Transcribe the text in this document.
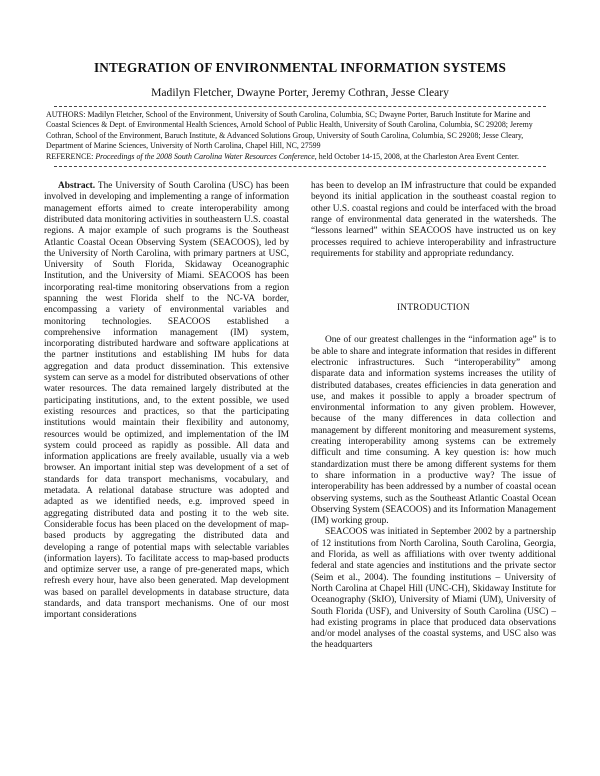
INTEGRATION OF ENVIRONMENTAL INFORMATION SYSTEMS
Madilyn Fletcher, Dwayne Porter, Jeremy Cothran, Jesse Cleary
AUTHORS: Madilyn Fletcher, School of the Environment, University of South Carolina, Columbia, SC; Dwayne Porter, Baruch Institute for Marine and Coastal Sciences & Dept. of Environmental Health Sciences, Arnold School of Public Health, University of South Carolina, Columbia, SC 29208; Jeremy Cothran, School of the Environment, Baruch Institute, & Advanced Solutions Group, University of South Carolina, Columbia, SC 29208; Jesse Cleary, Department of Marine Sciences, University of North Carolina, Chapel Hill, NC, 27599
REFERENCE: Proceedings of the 2008 South Carolina Water Resources Conference, held October 14-15, 2008, at the Charleston Area Event Center.

Abstract. The University of South Carolina (USC) has been involved in developing and implementing a range of information management efforts aimed to create interoperability among distributed data monitoring activities in southeastern U.S. coastal regions. A major example of such programs is the Southeast Atlantic Coastal Ocean Observing System (SEACOOS), led by the University of North Carolina, with primary partners at USC, University of South Florida, Skidaway Oceanographic Institution, and the University of Miami. SEACOOS has been incorporating real-time monitoring observations from a region spanning the west Florida shelf to the NC-VA border, encompassing a variety of environmental variables and monitoring technologies. SEACOOS established a comprehensive information management (IM) system, incorporating distributed hardware and software applications at the partner institutions and establishing IM hubs for data aggregation and data product dissemination. This extensive system can serve as a model for distributed observations of other water resources. The data remained largely distributed at the participating institutions, and, to the extent possible, we used existing resources and practices, so that the participating institutions would maintain their flexibility and autonomy, resources would be optimized, and implementation of the IM system could proceed as rapidly as possible. All data and information applications are freely available, usually via a web browser. An important initial step was development of a set of standards for data transport mechanisms, vocabulary, and metadata. A relational database structure was adopted and adapted as we identified needs, e.g. improved speed in aggregating distributed data and posting it to the web site. Considerable focus has been placed on the development of map-based products by aggregating the distributed data and developing a range of potential maps with selectable variables (information layers). To facilitate access to map-based products and optimize server use, a range of pre-generated maps, which refresh every hour, have also been generated. Map development was based on parallel developments in database structure, data standards, and data transport mechanisms. One of our most important considerations

has been to develop an IM infrastructure that could be expanded beyond its initial application in the southeast coastal region to other U.S. coastal regions and could be interfaced with the broad range of environmental data generated in the watersheds. The “lessons learned” within SEACOOS have instructed us on key processes required to achieve interoperability and infrastructure requirements for stability and appropriate redundancy.

INTRODUCTION

One of our greatest challenges in the “information age” is to be able to share and integrate information that resides in different electronic infrastructures. Such “interoperability” among disparate data and information systems increases the utility of distributed databases, creates efficiencies in data generation and use, and makes it possible to apply a broader spectrum of environmental information to any given problem. However, because of the many differences in data collection and management by different monitoring and measurement systems, creating interoperability among systems can be extremely difficult and time consuming. A key question is: how much standardization must there be among different systems for them to share information in a productive way? The issue of interoperability has been addressed by a number of coastal ocean observing systems, such as the Southeast Atlantic Coastal Ocean Observing System (SEACOOS) and its Information Management (IM) working group.

SEACOOS was initiated in September 2002 by a partnership of 12 institutions from North Carolina, South Carolina, Georgia, and Florida, as well as affiliations with over twenty additional federal and state agencies and institutions and the private sector (Seim et al., 2004). The founding institutions – University of North Carolina at Chapel Hill (UNC-CH), Skidaway Institute for Oceanography (SkIO), University of Miami (UM), University of South Florida (USF), and University of South Carolina (USC) – had existing programs in place that produced data observations and/or model analyses of the coastal systems, and USC also was the headquarters
